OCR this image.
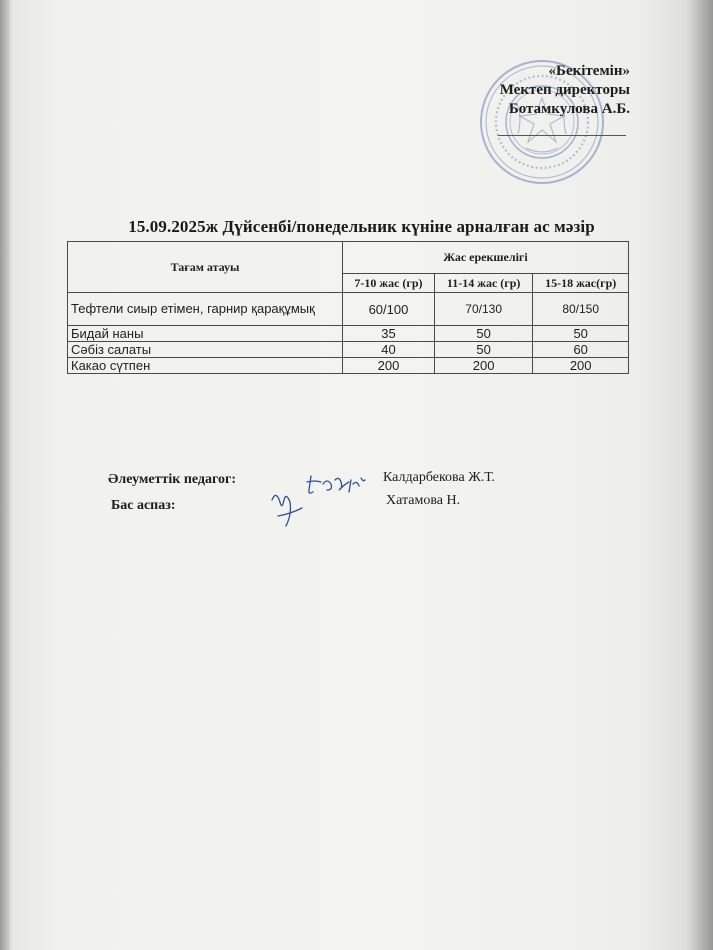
«Бекітемін»
Мектеп директоры
Ботамкулова А.Б.
15.09.2025ж Дүйсенбі/понедельник күніне арналған ас мәзір
Тағам атауы	Жас ерекшелігі		
	7-10 жас (гр)	11-14 жас (гр)	15-18 жас(гр)
Тефтели сиыр етімен, гарнир қарақұмық	60/100	70/130	80/150
Бидай наны	35	50	50
Сәбіз салаты	40	50	60
Какао сүтпен	200	200	200
Әлеуметтік педагог:	Калдарбекова Ж.Т.
Бас аспаз:	Хатамова Н.
